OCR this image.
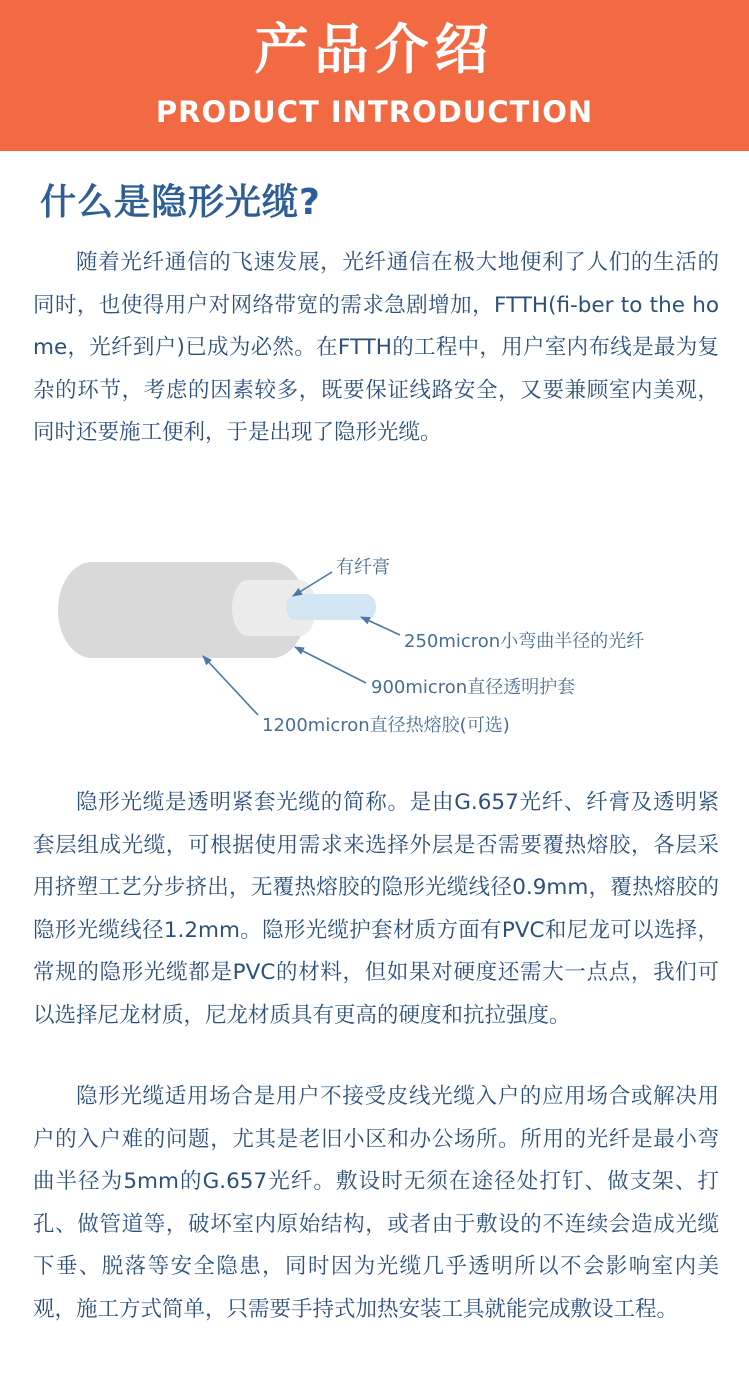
产品介绍
PRODUCT INTRODUCTION
什么是隐形光缆?

随着光纤通信的飞速发展，光纤通信在极大地便利了人们的生活的同时，也使得用户对网络带宽的需求急剧增加，FTTH(fi-ber to the home，光纤到户)已成为必然。在FTTH的工程中，用户室内布线是最为复杂的环节，考虑的因素较多，既要保证线路安全，又要兼顾室内美观，同时还要施工便利，于是出现了隐形光缆。

有纤膏
250micron小弯曲半径的光纤
900micron直径透明护套
1200micron直径热熔胶(可选)

隐形光缆是透明紧套光缆的简称。是由G.657光纤、纤膏及透明紧套层组成光缆，可根据使用需求来选择外层是否需要覆热熔胶，各层采用挤塑工艺分步挤出，无覆热熔胶的隐形光缆线径0.9mm，覆热熔胶的隐形光缆线径1.2mm。隐形光缆护套材质方面有PVC和尼龙可以选择，常规的隐形光缆都是PVC的材料，但如果对硬度还需大一点点，我们可以选择尼龙材质，尼龙材质具有更高的硬度和抗拉强度。

隐形光缆适用场合是用户不接受皮线光缆入户的应用场合或解决用户的入户难的问题，尤其是老旧小区和办公场所。所用的光纤是最小弯曲半径为5mm的G.657光纤。敷设时无须在途径处打钉、做支架、打孔、做管道等，破坏室内原始结构，或者由于敷设的不连续会造成光缆下垂、脱落等安全隐患，同时因为光缆几乎透明所以不会影响室内美观，施工方式简单，只需要手持式加热安装工具就能完成敷设工程。
